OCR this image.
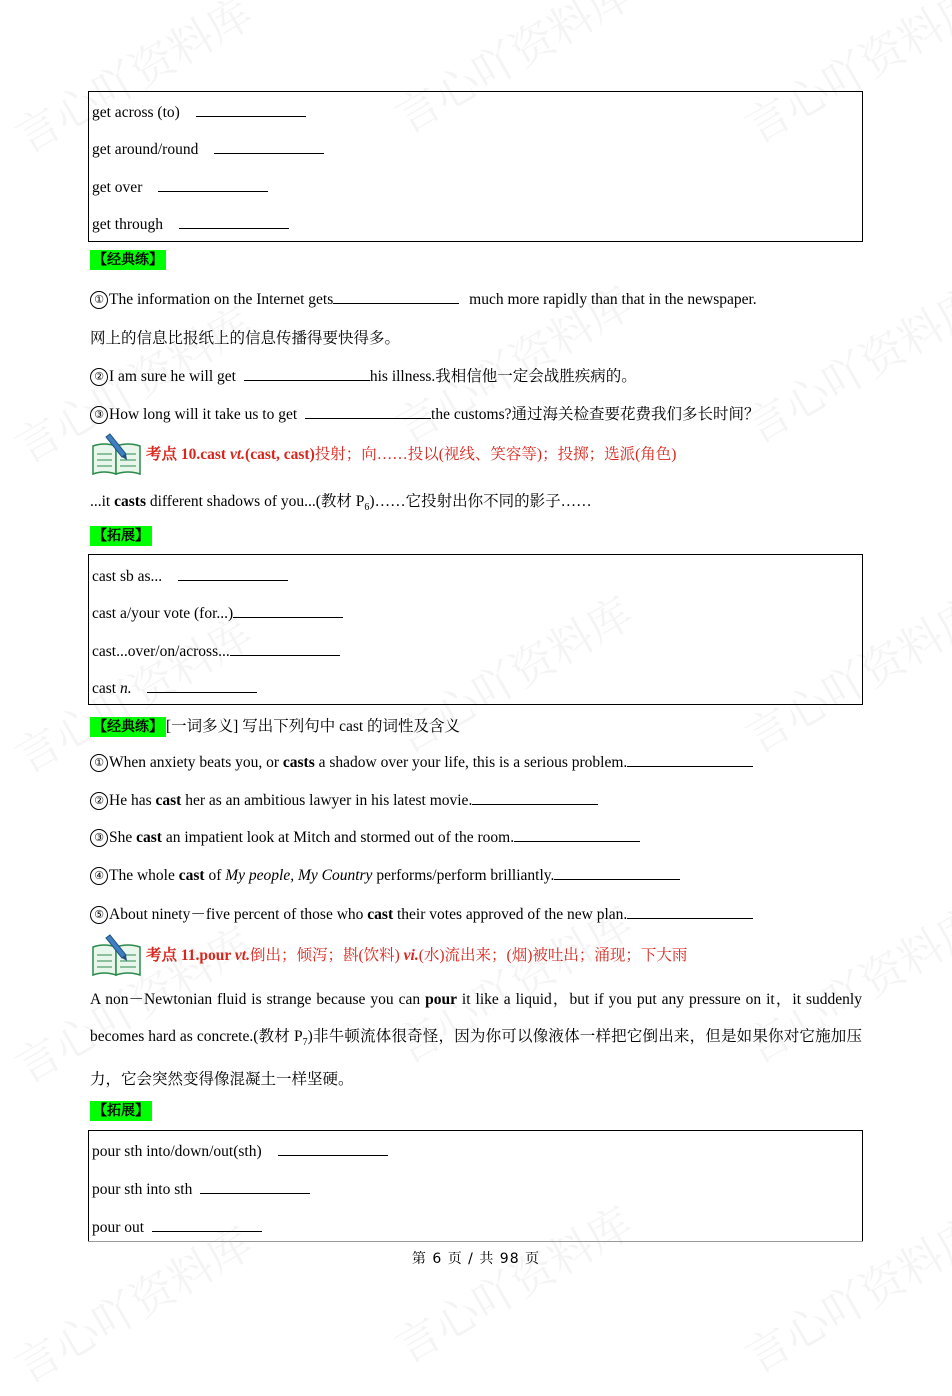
get across (to)
get around/round
get over
get through
【经典练】
① The information on the Internet gets	much more rapidly than that in the newspaper.
网上的信息比报纸上的信息传播得要快得多。
② I am sure he will get	his illness.我相信他一定会战胜疾病的。
③ How long will it take us to get	the customs?通过海关检查要花费我们多长时间？
考点 10.cast vt.(cast, cast)投射；向……投以(视线、笑容等)；投掷；选派(角色)
...it casts different shadows of you...(教材 $P_6)\dots\dots$它投射出你不同的影子……
【拓展】
cast sb as...
cast a/your vote (for...)
cast...over/on/across...
cast n.
【经典练】 [一词多义] 写出下列句中 cast 的词性及含义
① When anxiety beats you, or casts a shadow over your life, this is a serious problem.
② He has cast her as an ambitious lawyer in his latest movie.
③ She cast an impatient look at Mitch and stormed out of the room.
④ The whole cast of My people, My Country performs/perform brilliantly.
⑤ About ninety－five percent of those who cast their votes approved of the new plan.
考点 11.pour vt.倒出；倾泻；斟(饮料) vi.(水)流出来；(烟)被吐出；涌现；下大雨
A non－Newtonian fluid is strange because you can pour it like a liquid，but if you put any pressure on it，it suddenly becomes hard as concrete.(教材 $P_7$)非牛顿流体很奇怪，因为你可以像液体一样把它倒出来，但是如果你对它施加压力，它会突然变得像混凝土一样坚硬。
【拓展】
pour sth into/down/out(sth)
pour sth into sth
pour out
第 6 页 / 共 98 页
